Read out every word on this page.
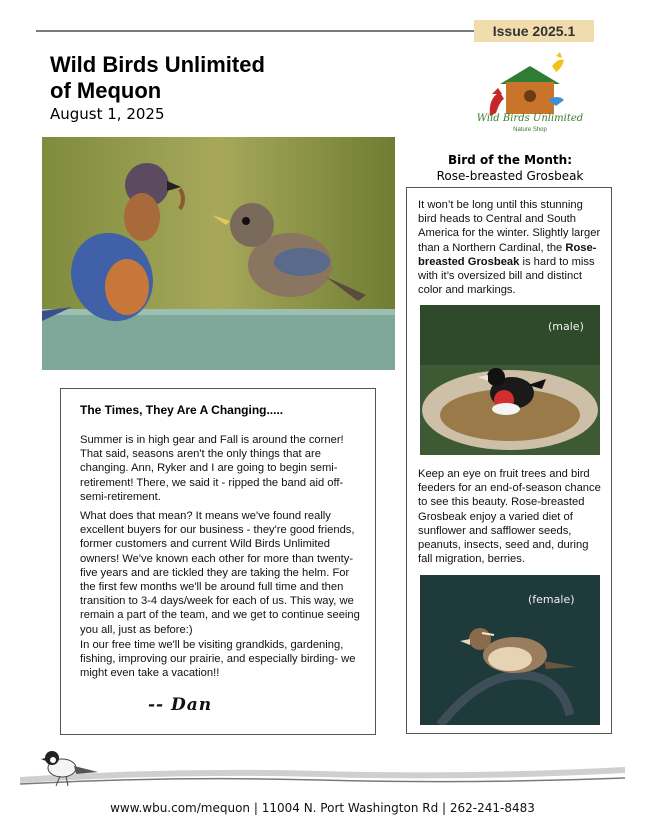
Issue 2025.1
Wild Birds Unlimited
of Mequon
August 1, 2025	Wild Birds Unlimited
Nature Shop
Bird of the Month:
Rose-breasted Grosbeak
It won’t be long until this stunning bird heads to Central and South America for the winter. Slightly larger than a Northern Cardinal, the Rose-breasted Grosbeak is hard to miss with it’s oversized bill and distinct color and markings.
(male)
Keep an eye on fruit trees and bird feeders for an end-of-season chance to see this beauty. Rose-breasted Grosbeak enjoy a varied diet of sunflower and safflower seeds, peanuts, insects, seed and, during fall migration, berries.
(female)
The Times, They Are A Changing.....
Summer is in high gear and Fall is around the corner! That said, seasons aren't the only things that are changing. Ann, Ryker and I are going to begin semi-retirement! There, we said it - ripped the band aid off- semi-retirement.
What does that mean? It means we've found really excellent buyers for our business - they're good friends, former customers and current Wild Birds Unlimited owners! We've known each other for more than twenty-five years and are tickled they are taking the helm. For the first few months we'll be around full time and then transition to 3-4 days/week for each of us. This way, we remain a part of the team, and we get to continue seeing you all, just as before:)
In our free time we'll be visiting grandkids, gardening, fishing, improving our prairie, and especially birding- we might even take a vacation!!
-- Dan
www.wbu.com/mequon | 11004 N. Port Washington Rd | 262-241-8483
